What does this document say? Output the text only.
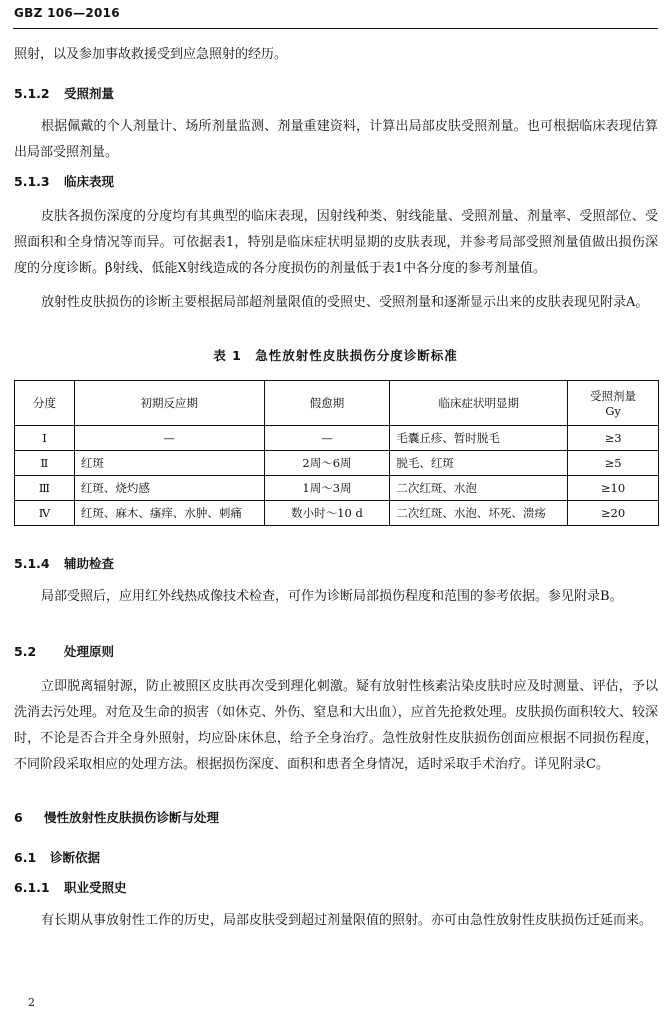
GBZ 106—2016
照射，以及参加事故救援受到应急照射的经历。
5.1.2 受照剂量
根据佩戴的个人剂量计、场所剂量监测、剂量重建资料，计算出局部皮肤受照剂量。也可根据临床表现估算出局部受照剂量。
5.1.3 临床表现
皮肤各损伤深度的分度均有其典型的临床表现，因射线种类、射线能量、受照剂量、剂量率、受照部位、受照面积和全身情况等而异。可依据表1，特别是临床症状明显期的皮肤表现，并参考局部受照剂量值做出损伤深度的分度诊断。β射线、低能X射线造成的各分度损伤的剂量低于表1中各分度的参考剂量值。
放射性皮肤损伤的诊断主要根据局部超剂量限值的受照史、受照剂量和逐渐显示出来的皮肤表现见附录A。
表 1　急性放射性皮肤损伤分度诊断标准
分度	初期反应期	假愈期	临床症状明显期	受照剂量
Gy

Ⅰ	—	—	毛囊丘疹、暂时脱毛	≥3
Ⅱ	红斑	2周～6周	脱毛、红斑	≥5
Ⅲ	红斑、烧灼感	1周～3周	二次红斑、水泡	≥10
Ⅳ	红斑、麻木、瘙痒、水肿、刺痛	数小时～10 d	二次红斑、水泡、坏死、溃疡	≥20
5.1.4 辅助检查
局部受照后，应用红外线热成像技术检查，可作为诊断局部损伤程度和范围的参考依据。参见附录B。
5.2 处理原则
立即脱离辐射源，防止被照区皮肤再次受到理化刺激。疑有放射性核素沾染皮肤时应及时测量、评估，予以洗消去污处理。对危及生命的损害（如休克、外伤、窒息和大出血），应首先抢救处理。皮肤损伤面积较大、较深时，不论是否合并全身外照射，均应卧床休息，给予全身治疗。急性放射性皮肤损伤创面应根据不同损伤程度，不同阶段采取相应的处理方法。根据损伤深度、面积和患者全身情况，适时采取手术治疗。详见附录C。
6 慢性放射性皮肤损伤诊断与处理
6.1 诊断依据
6.1.1 职业受照史
有长期从事放射性工作的历史，局部皮肤受到超过剂量限值的照射。亦可由急性放射性皮肤损伤迁延而来。
2
